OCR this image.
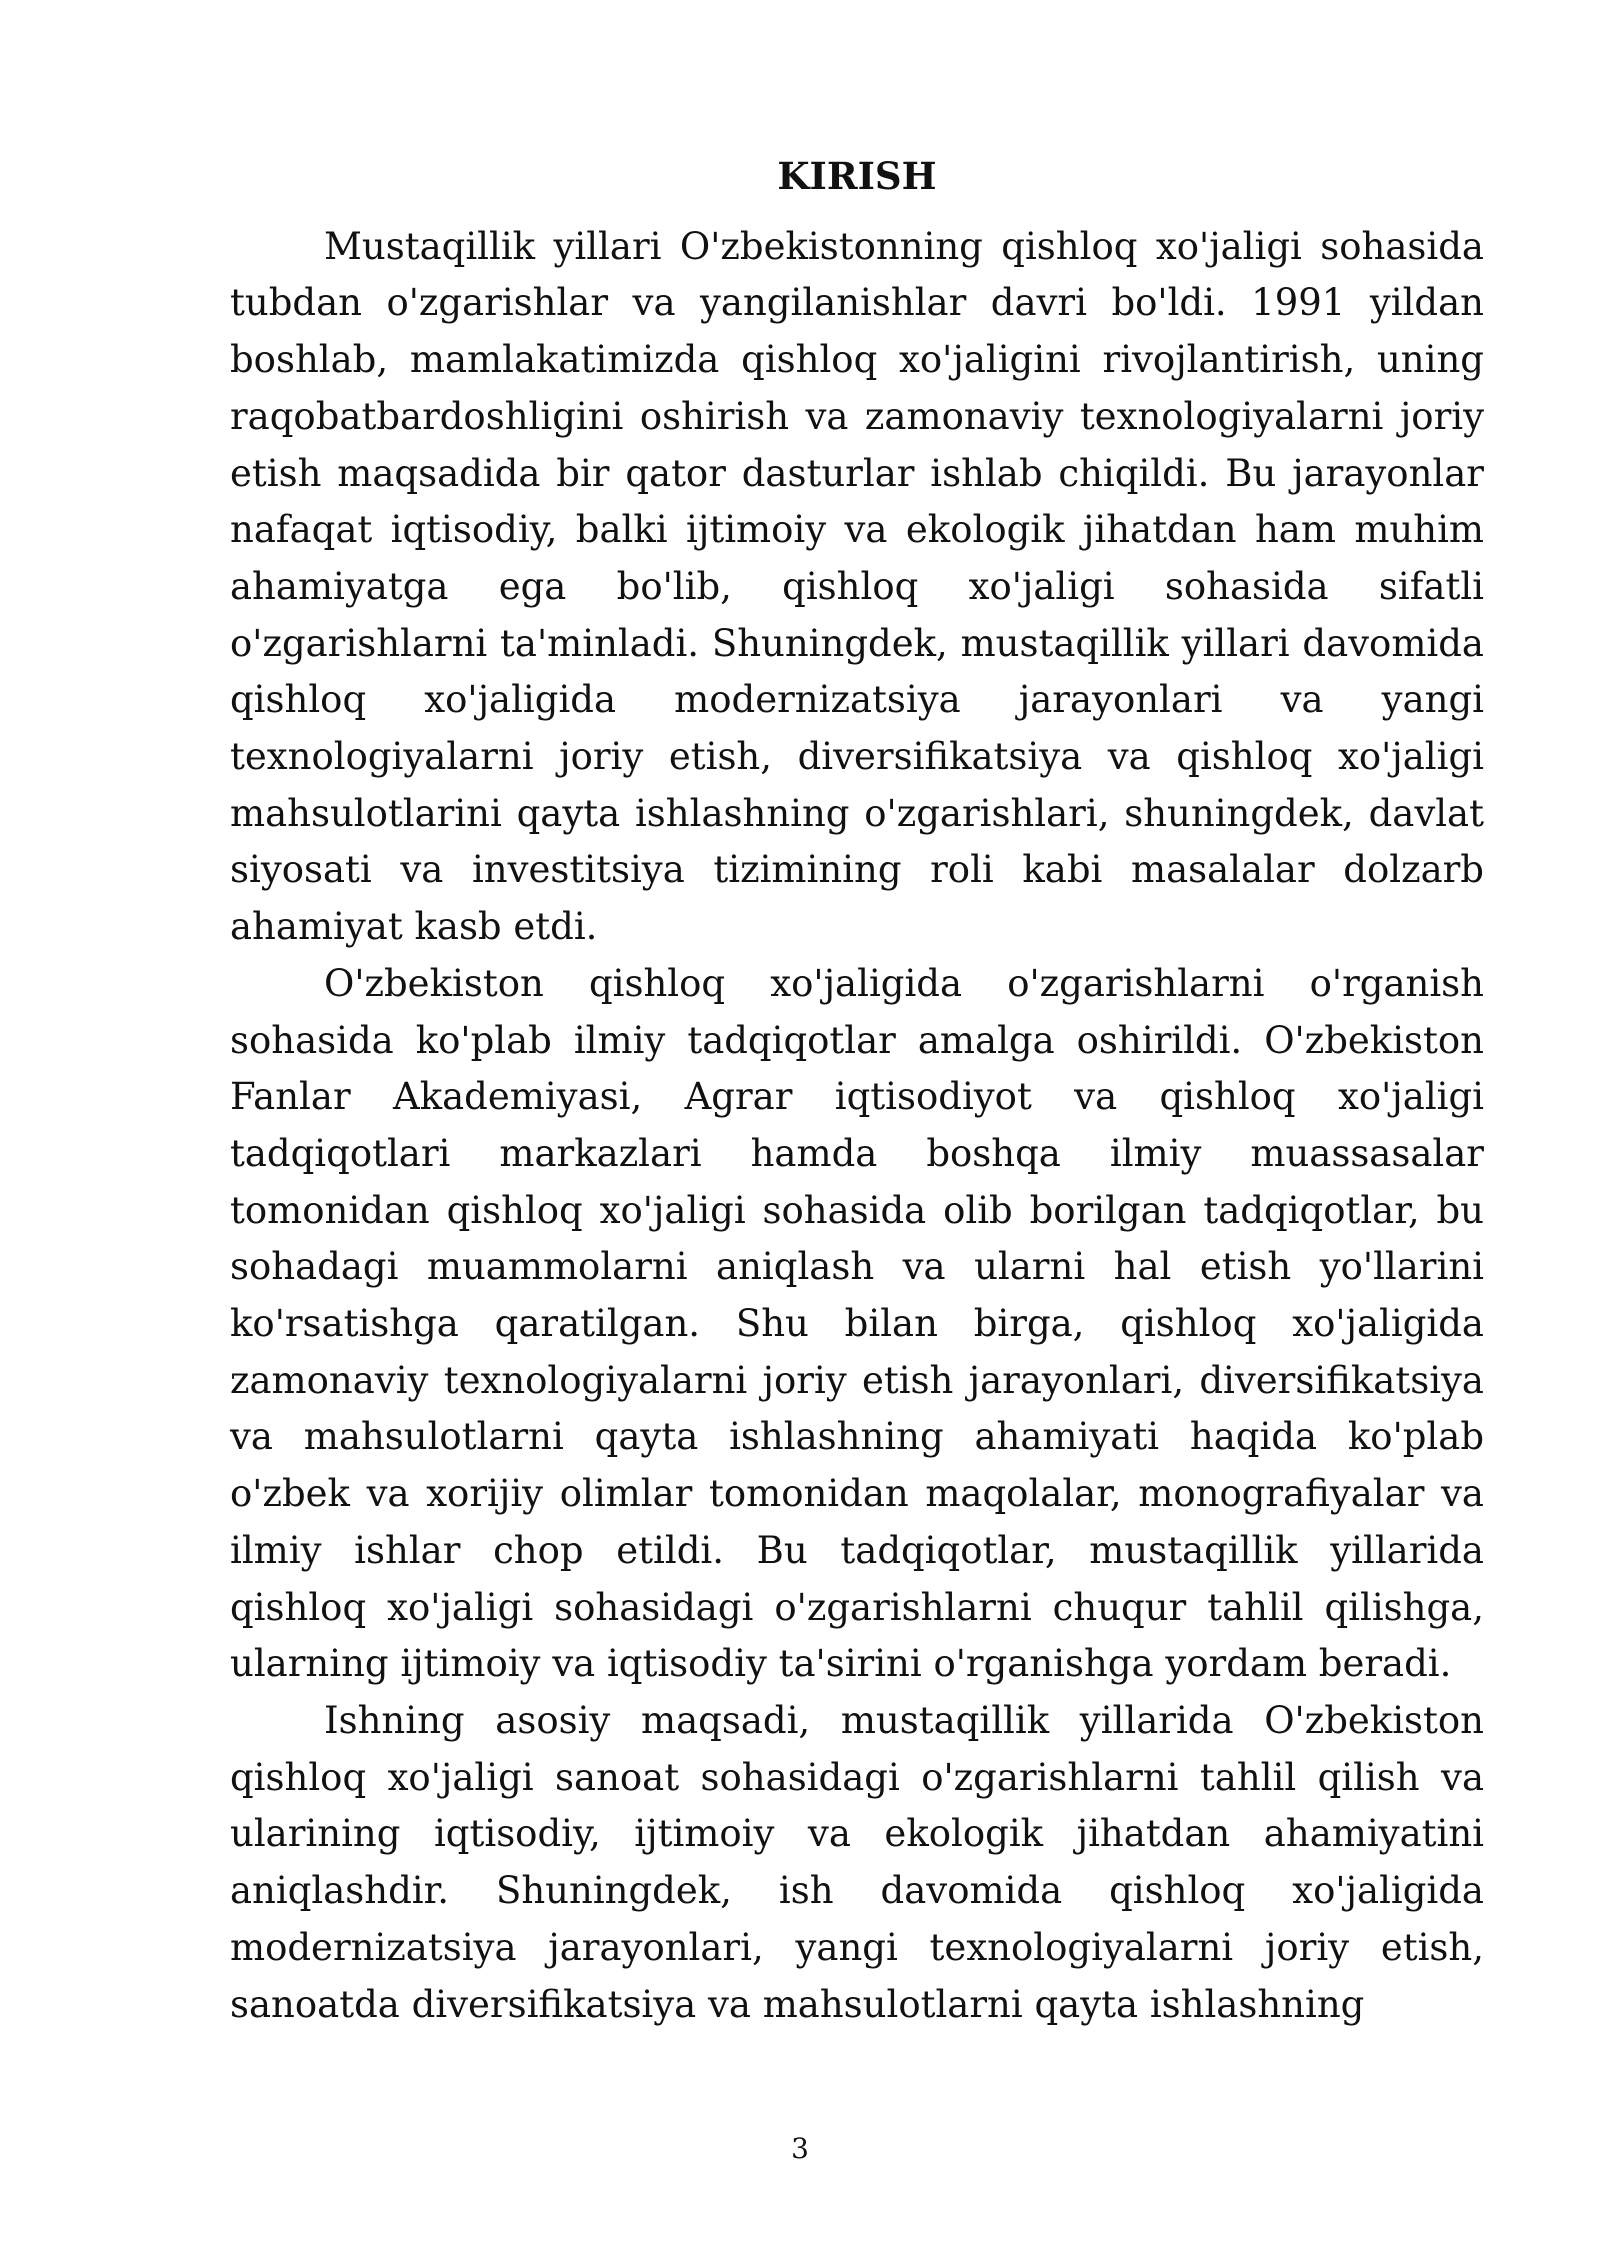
KIRISH

Mustaqillik yillari O'zbekistonning qishloq xo'jaligi sohasida tubdan o'zgarishlar va yangilanishlar davri bo'ldi. 1991 yildan boshlab, mamlakatimizda qishloq xo'jaligini rivojlantirish, uning raqobatbardoshligini oshirish va zamonaviy texnologiyalarni joriy etish maqsadida bir qator dasturlar ishlab chiqildi. Bu jarayonlar nafaqat iqtisodiy, balki ijtimoiy va ekologik jihatdan ham muhim ahamiyatga ega bo'lib, qishloq xo'jaligi sohasida sifatli o'zgarishlarni ta'minladi. Shuningdek, mustaqillik yillari davomida qishloq xo'jaligida modernizatsiya jarayonlari va yangi texnologiyalarni joriy etish, diversifikatsiya va qishloq xo'jaligi mahsulotlarini qayta ishlashning o'zgarishlari, shuningdek, davlat siyosati va investitsiya tizimining roli kabi masalalar dolzarb ahamiyat kasb etdi.

O'zbekiston qishloq xo'jaligida o'zgarishlarni o'rganish sohasida ko'plab ilmiy tadqiqotlar amalga oshirildi. O'zbekiston Fanlar Akademiyasi, Agrar iqtisodiyot va qishloq xo'jaligi tadqiqotlari markazlari hamda boshqa ilmiy muassasalar tomonidan qishloq xo'jaligi sohasida olib borilgan tadqiqotlar, bu sohadagi muammolarni aniqlash va ularni hal etish yo'llarini ko'rsatishga qaratilgan. Shu bilan birga, qishloq xo'jaligida zamonaviy texnologiyalarni joriy etish jarayonlari, diversifikatsiya va mahsulotlarni qayta ishlashning ahamiyati haqida ko'plab o'zbek va xorijiy olimlar tomonidan maqolalar, monografiyalar va ilmiy ishlar chop etildi. Bu tadqiqotlar, mustaqillik yillarida qishloq xo'jaligi sohasidagi o'zgarishlarni chuqur tahlil qilishga, ularning ijtimoiy va iqtisodiy ta'sirini o'rganishga yordam beradi.

Ishning asosiy maqsadi, mustaqillik yillarida O'zbekiston qishloq xo'jaligi sanoat sohasidagi o'zgarishlarni tahlil qilish va ularining iqtisodiy, ijtimoiy va ekologik jihatdan ahamiyatini aniqlashdir. Shuningdek, ish davomida qishloq xo'jaligida modernizatsiya jarayonlari, yangi texnologiyalarni joriy etish, sanoatda diversifikatsiya va mahsulotlarni qayta ishlashning

3
